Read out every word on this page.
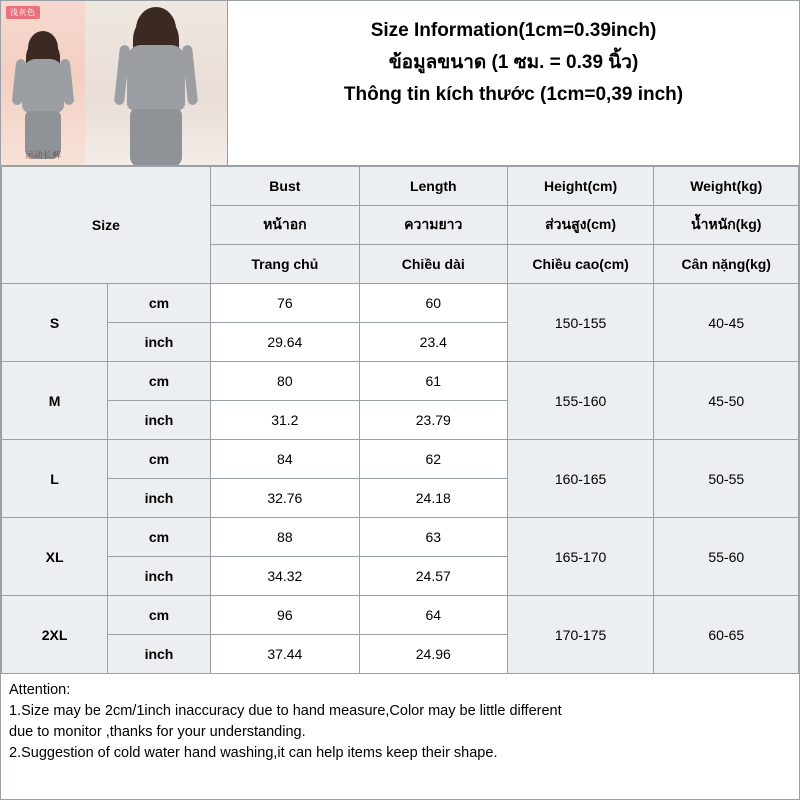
浅灰色
运动长裤
Size Information(1cm=0.39inch)
ข้อมูลขนาด (1 ซม. = 0.39 นิ้ว)
Thông tin kích thước (1cm=0,39 inch)
Size		Bust	Length	Height(cm)	Weight(kg)
		หน้าอก	ความยาว	ส่วนสูง(cm)	น้ำหนัก(kg)
		Trang chủ	Chiều dài	Chiều cao(cm)	Cân nặng(kg)
S	cm	76	60	150-155	40-45
	inch	29.64	23.4		
M	cm	80	61	155-160	45-50
	inch	31.2	23.79		
L	cm	84	62	160-165	50-55
	inch	32.76	24.18		
XL	cm	88	63	165-170	55-60
	inch	34.32	24.57		
2XL	cm	96	64	170-175	60-65
	inch	37.44	24.96		
Attention:
1.Size may be 2cm/1inch inaccuracy due to hand measure,Color may be little different
due to monitor ,thanks for your understanding.
2.Suggestion of cold water hand washing,it can help items keep their shape.
